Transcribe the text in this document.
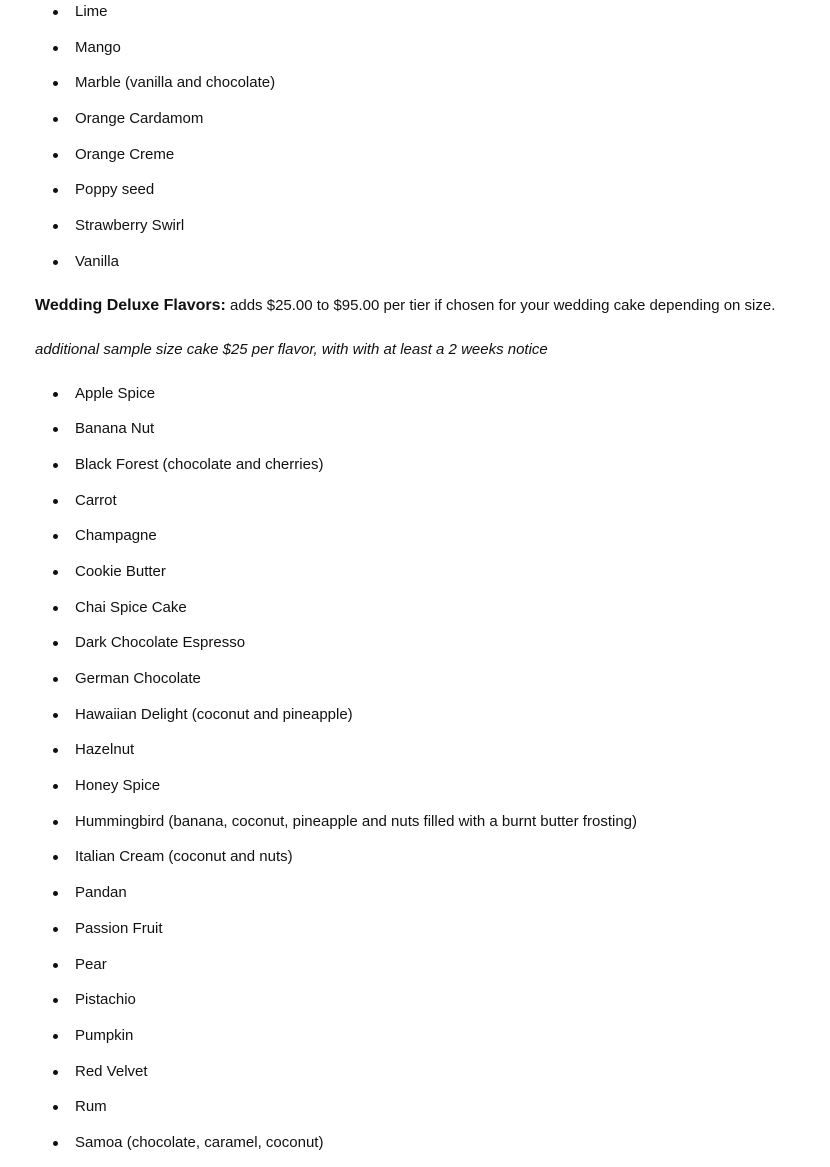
Lime
Mango
Marble (vanilla and chocolate)
Orange Cardamom
Orange Creme
Poppy seed
Strawberry Swirl
Vanilla

Wedding Deluxe Flavors: adds $25.00 to $95.00 per tier if chosen for your wedding cake depending on size.

additional sample size cake $25 per flavor, with with at least a 2 weeks notice

Apple Spice
Banana Nut
Black Forest (chocolate and cherries)
Carrot
Champagne
Cookie Butter
Chai Spice Cake
Dark Chocolate Espresso
German Chocolate
Hawaiian Delight (coconut and pineapple)
Hazelnut
Honey Spice
Hummingbird (banana, coconut, pineapple and nuts filled with a burnt butter frosting)
Italian Cream (coconut and nuts)
Pandan
Passion Fruit
Pear
Pistachio
Pumpkin
Red Velvet
Rum
Samoa (chocolate, caramel, coconut)
